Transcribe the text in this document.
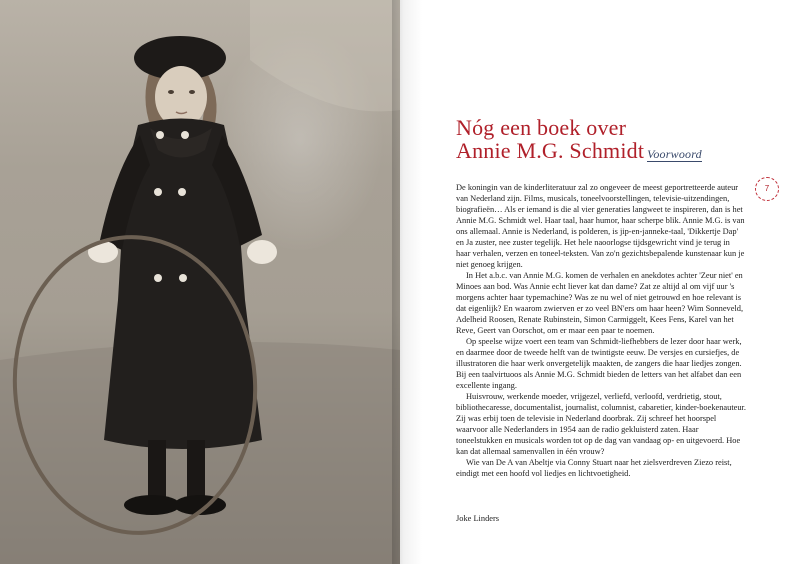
Nóg een boek over
Annie M.G. Schmidt Voorwoord
7

De koningin van de kinderliteratuur zal zo ongeveer de meest geportretteerde auteur van Nederland zijn. Films, musicals, toneelvoorstellingen, televisie-uitzendingen, biografieën… Als er iemand is die al vier generaties langweet te inspireren, dan is het Annie M.G. Schmidt wel. Haar taal, haar humor, haar scherpe blik. Annie M.G. is van ons allemaal. Annie is Nederland, is polderen, is jip-en-janneke-taal, 'Dikkertje Dap' en Ja zuster, nee zuster tegelijk. Het hele naoorlogse tijdsgewricht vind je terug in haar verhalen, verzen en toneel-teksten. Van zo'n gezichtsbepalende kunstenaar kun je niet genoeg krijgen.

In Het a.b.c. van Annie M.G. komen de verhalen en anekdotes achter 'Zeur niet' en Minoes aan bod. Was Annie echt liever kat dan dame? Zat ze altijd al om vijf uur 's morgens achter haar typemachine? Was ze nu wel of niet getrouwd en hoe relevant is dat eigenlijk? En waarom zwierven er zo veel BN'ers om haar heen? Wim Sonneveld, Adelheid Roosen, Renate Rubinstein, Simon Carmiggelt, Kees Fens, Karel van het Reve, Geert van Oorschot, om er maar een paar te noemen.

Op speelse wijze voert een team van Schmidt-liefhebbers de lezer door haar werk, en daarmee door de tweede helft van de twintigste eeuw. De versjes en cursiefjes, de illustratoren die haar werk onvergetelijk maakten, de zangers die haar liedjes zongen. Bij een taalvirtuoos als Annie M.G. Schmidt bieden de letters van het alfabet dan een excellente ingang.

Huisvrouw, werkende moeder, vrijgezel, verliefd, verloofd, verdrietig, stout, bibliothecaresse, documentalist, journalist, columnist, cabaretier, kinder-boekenauteur. Zij was erbij toen de televisie in Nederland doorbrak. Zij schreef het hoorspel waarvoor alle Nederlanders in 1954 aan de radio gekluisterd zaten. Haar toneelstukken en musicals worden tot op de dag van vandaag op- en uitgevoerd. Hoe kan dat allemaal samenvallen in één vrouw?

Wie van De A van Abeltje via Conny Stuart naar het zielsverdreven Ziezo reist, eindigt met een hoofd vol liedjes en lichtvoetigheid.

Joke Linders
